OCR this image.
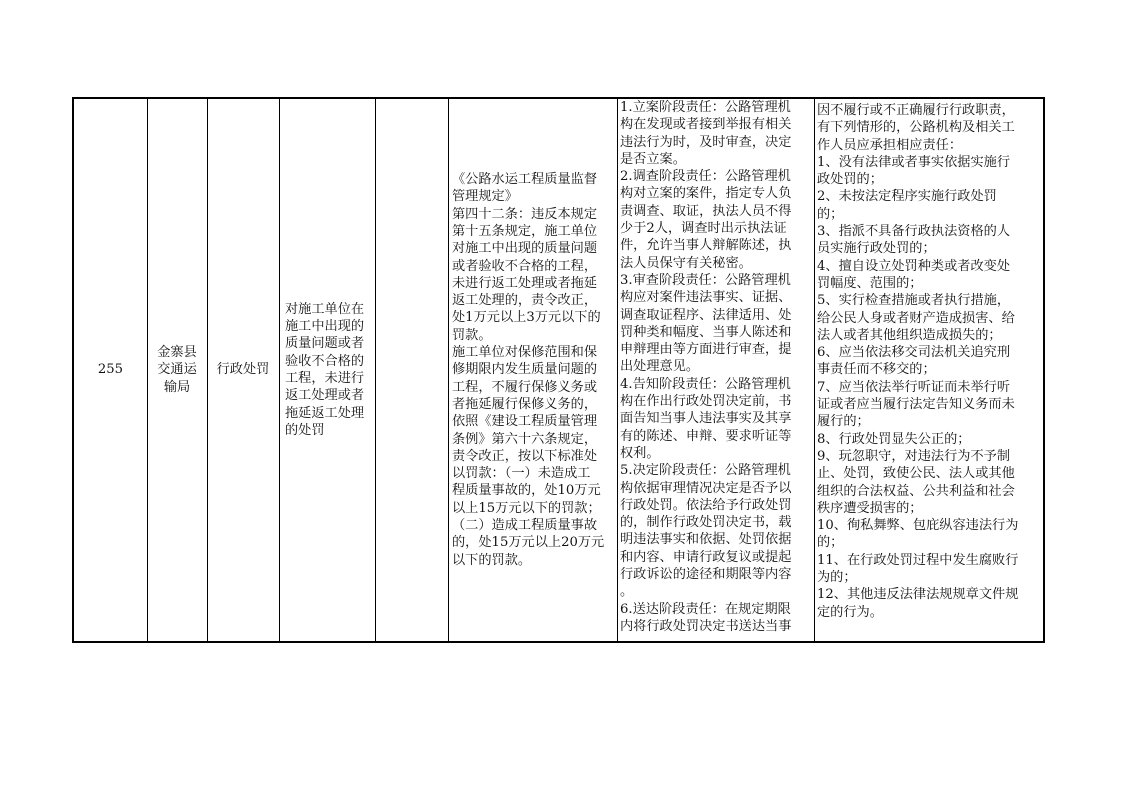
255
金寨县
交通运
输局
行政处罚
对施工单位在
施工中出现的
质量问题或者
验收不合格的
工程，未进行
返工处理或者
拖延返工处理
的处罚
《公路水运工程质量监督
管理规定》
第四十二条：违反本规定
第十五条规定，施工单位
对施工中出现的质量问题
或者验收不合格的工程，
未进行返工处理或者拖延
返工处理的，责令改正，
处1万元以上3万元以下的
罚款。
施工单位对保修范围和保
修期限内发生质量问题的
工程，不履行保修义务或
者拖延履行保修义务的，
依照《建设工程质量管理
条例》第六十六条规定，
责令改正，按以下标准处
以罚款：（一）未造成工
程质量事故的，处10万元
以上15万元以下的罚款；
（二）造成工程质量事故
的，处15万元以上20万元
以下的罚款。
1.立案阶段责任：公路管理机
构在发现或者接到举报有相关
违法行为时，及时审查，决定
是否立案。
2.调查阶段责任：公路管理机
构对立案的案件，指定专人负
责调查、取证，执法人员不得
少于2人，调查时出示执法证
件，允许当事人辩解陈述，执
法人员保守有关秘密。
3.审查阶段责任：公路管理机
构应对案件违法事实、证据、
调查取证程序、法律适用、处
罚种类和幅度、当事人陈述和
申辩理由等方面进行审查，提
出处理意见。
4.告知阶段责任：公路管理机
构在作出行政处罚决定前，书
面告知当事人违法事实及其享
有的陈述、申辩、要求听证等
权利。
5.决定阶段责任：公路管理机
构依据审理情况决定是否予以
行政处罚。依法给予行政处罚
的，制作行政处罚决定书，载
明违法事实和依据、处罚依据
和内容、申请行政复议或提起
行政诉讼的途径和期限等内容
。
6.送达阶段责任：在规定期限
内将行政处罚决定书送达当事
因不履行或不正确履行行政职责，
有下列情形的，公路机构及相关工
作人员应承担相应责任：
1、没有法律或者事实依据实施行
政处罚的；
2、未按法定程序实施行政处罚
的；
3、指派不具备行政执法资格的人
员实施行政处罚的；
4、擅自设立处罚种类或者改变处
罚幅度、范围的；
5、实行检查措施或者执行措施，
给公民人身或者财产造成损害、给
法人或者其他组织造成损失的；
6、应当依法移交司法机关追究刑
事责任而不移交的；
7、应当依法举行听证而未举行听
证或者应当履行法定告知义务而未
履行的；
8、行政处罚显失公正的；
9、玩忽职守，对违法行为不予制
止、处罚，致使公民、法人或其他
组织的合法权益、公共利益和社会
秩序遭受损害的；
10、徇私舞弊、包庇纵容违法行为
的；
11、在行政处罚过程中发生腐败行
为的；
12、其他违反法律法规规章文件规
定的行为。
